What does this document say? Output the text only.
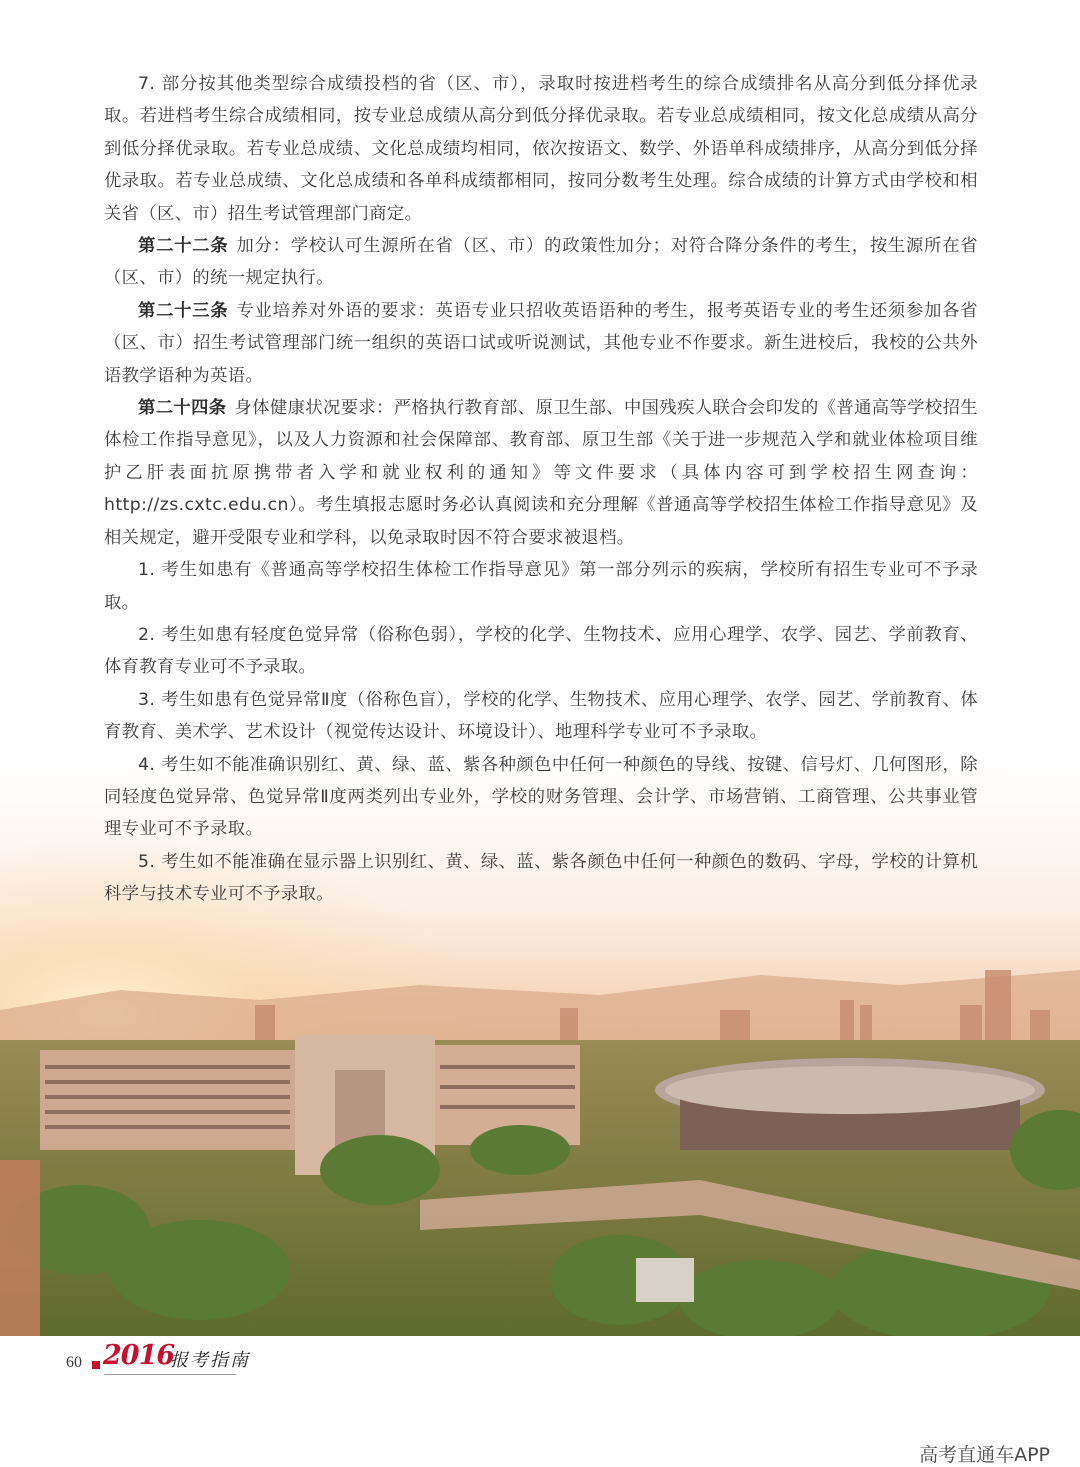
7. 部分按其他类型综合成绩投档的省（区、市），录取时按进档考生的综合成绩排名从高分到低分择优录取。若进档考生综合成绩相同，按专业总成绩从高分到低分择优录取。若专业总成绩相同，按文化总成绩从高分到低分择优录取。若专业总成绩、文化总成绩均相同，依次按语文、数学、外语单科成绩排序，从高分到低分择优录取。若专业总成绩、文化总成绩和各单科成绩都相同，按同分数考生处理。综合成绩的计算方式由学校和相关省（区、市）招生考试管理部门商定。

第二十二条 加分：学校认可生源所在省（区、市）的政策性加分；对符合降分条件的考生，按生源所在省（区、市）的统一规定执行。

第二十三条 专业培养对外语的要求：英语专业只招收英语语种的考生，报考英语专业的考生还须参加各省（区、市）招生考试管理部门统一组织的英语口试或听说测试，其他专业不作要求。新生进校后，我校的公共外语教学语种为英语。

第二十四条 身体健康状况要求：严格执行教育部、原卫生部、中国残疾人联合会印发的《普通高等学校招生体检工作指导意见》，以及人力资源和社会保障部、教育部、原卫生部《关于进一步规范入学和就业体检项目维护乙肝表面抗原携带者入学和就业权利的通知》等文件要求（具体内容可到学校招生网查询：http://zs.cxtc.edu.cn）。考生填报志愿时务必认真阅读和充分理解《普通高等学校招生体检工作指导意见》及相关规定，避开受限专业和学科，以免录取时因不符合要求被退档。

1. 考生如患有《普通高等学校招生体检工作指导意见》第一部分列示的疾病，学校所有招生专业可不予录取。

2. 考生如患有轻度色觉异常（俗称色弱），学校的化学、生物技术、应用心理学、农学、园艺、学前教育、体育教育专业可不予录取。

3. 考生如患有色觉异常Ⅱ度（俗称色盲），学校的化学、生物技术、应用心理学、农学、园艺、学前教育、体育教育、美术学、艺术设计（视觉传达设计、环境设计）、地理科学专业可不予录取。

4. 考生如不能准确识别红、黄、绿、蓝、紫各种颜色中任何一种颜色的导线、按键、信号灯、几何图形，除同轻度色觉异常、色觉异常Ⅱ度两类列出专业外，学校的财务管理、会计学、市场营销、工商管理、公共事业管理专业可不予录取。

5. 考生如不能准确在显示器上识别红、黄、绿、蓝、紫各颜色中任何一种颜色的数码、字母，学校的计算机科学与技术专业可不予录取。

60 2016
报考指南
高考直通车APP
